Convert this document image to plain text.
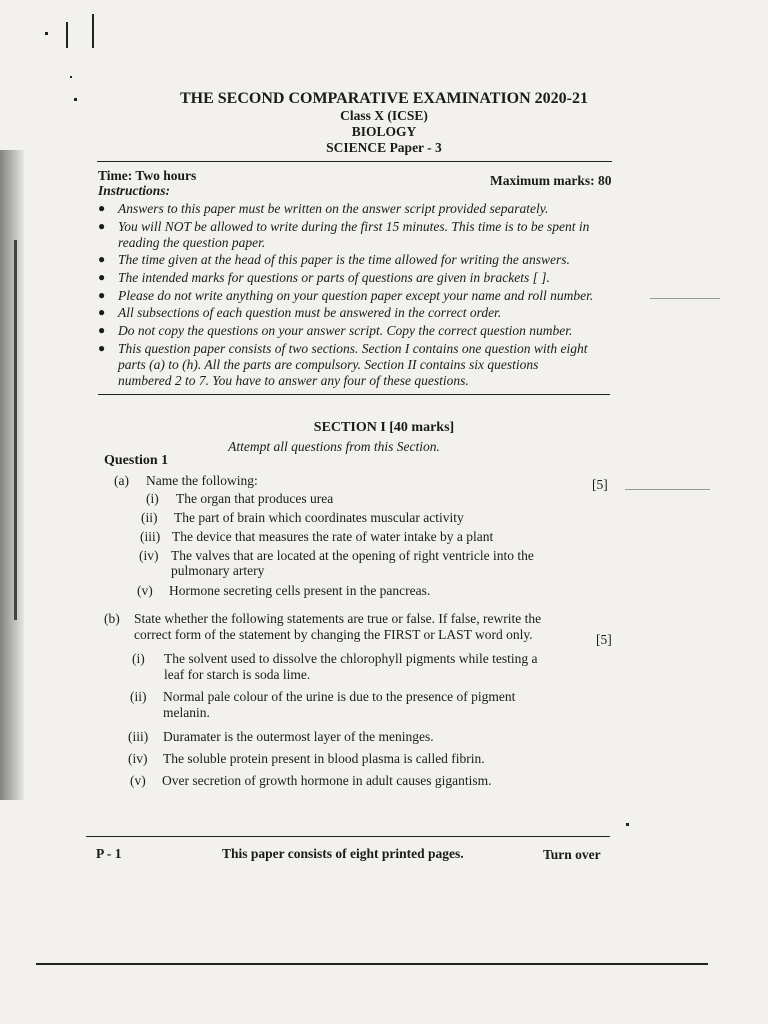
THE SECOND COMPARATIVE EXAMINATION 2020-21
Class X (ICSE)
BIOLOGY
SCIENCE Paper - 3
Time: Two hours	Maximum marks: 80
Instructions:
● Answers to this paper must be written on the answer script provided separately.
● You will NOT be allowed to write during the first 15 minutes. This time is to be spent in
reading the question paper.
● The time given at the head of this paper is the time allowed for writing the answers.
● The intended marks for questions or parts of questions are given in brackets [ ].
● Please do not write anything on your question paper except your name and roll number.
● All subsections of each question must be answered in the correct order.
● Do not copy the questions on your answer script. Copy the correct question number.
● This question paper consists of two sections. Section I contains one question with eight
parts (a) to (h). All the parts are compulsory. Section II contains six questions
numbered 2 to 7. You have to answer any four of these questions.
SECTION I [40 marks]
Attempt all questions from this Section.
Question 1
(a) Name the following:	[5]
(i) The organ that produces urea
(ii) The part of brain which coordinates muscular activity
(iii) The device that measures the rate of water intake by a plant
(iv) The valves that are located at the opening of right ventricle into the
pulmonary artery
(v) Hormone secreting cells present in the pancreas.
(b) State whether the following statements are true or false. If false, rewrite the
correct form of the statement by changing the FIRST or LAST word only.	[5]
(i) The solvent used to dissolve the chlorophyll pigments while testing a
leaf for starch is soda lime.
(ii) Normal pale colour of the urine is due to the presence of pigment
melanin.
(iii) Duramater is the outermost layer of the meninges.
(iv) The soluble protein present in blood plasma is called fibrin.
(v) Over secretion of growth hormone in adult causes gigantism.
P - 1	This paper consists of eight printed pages.	Turn over
